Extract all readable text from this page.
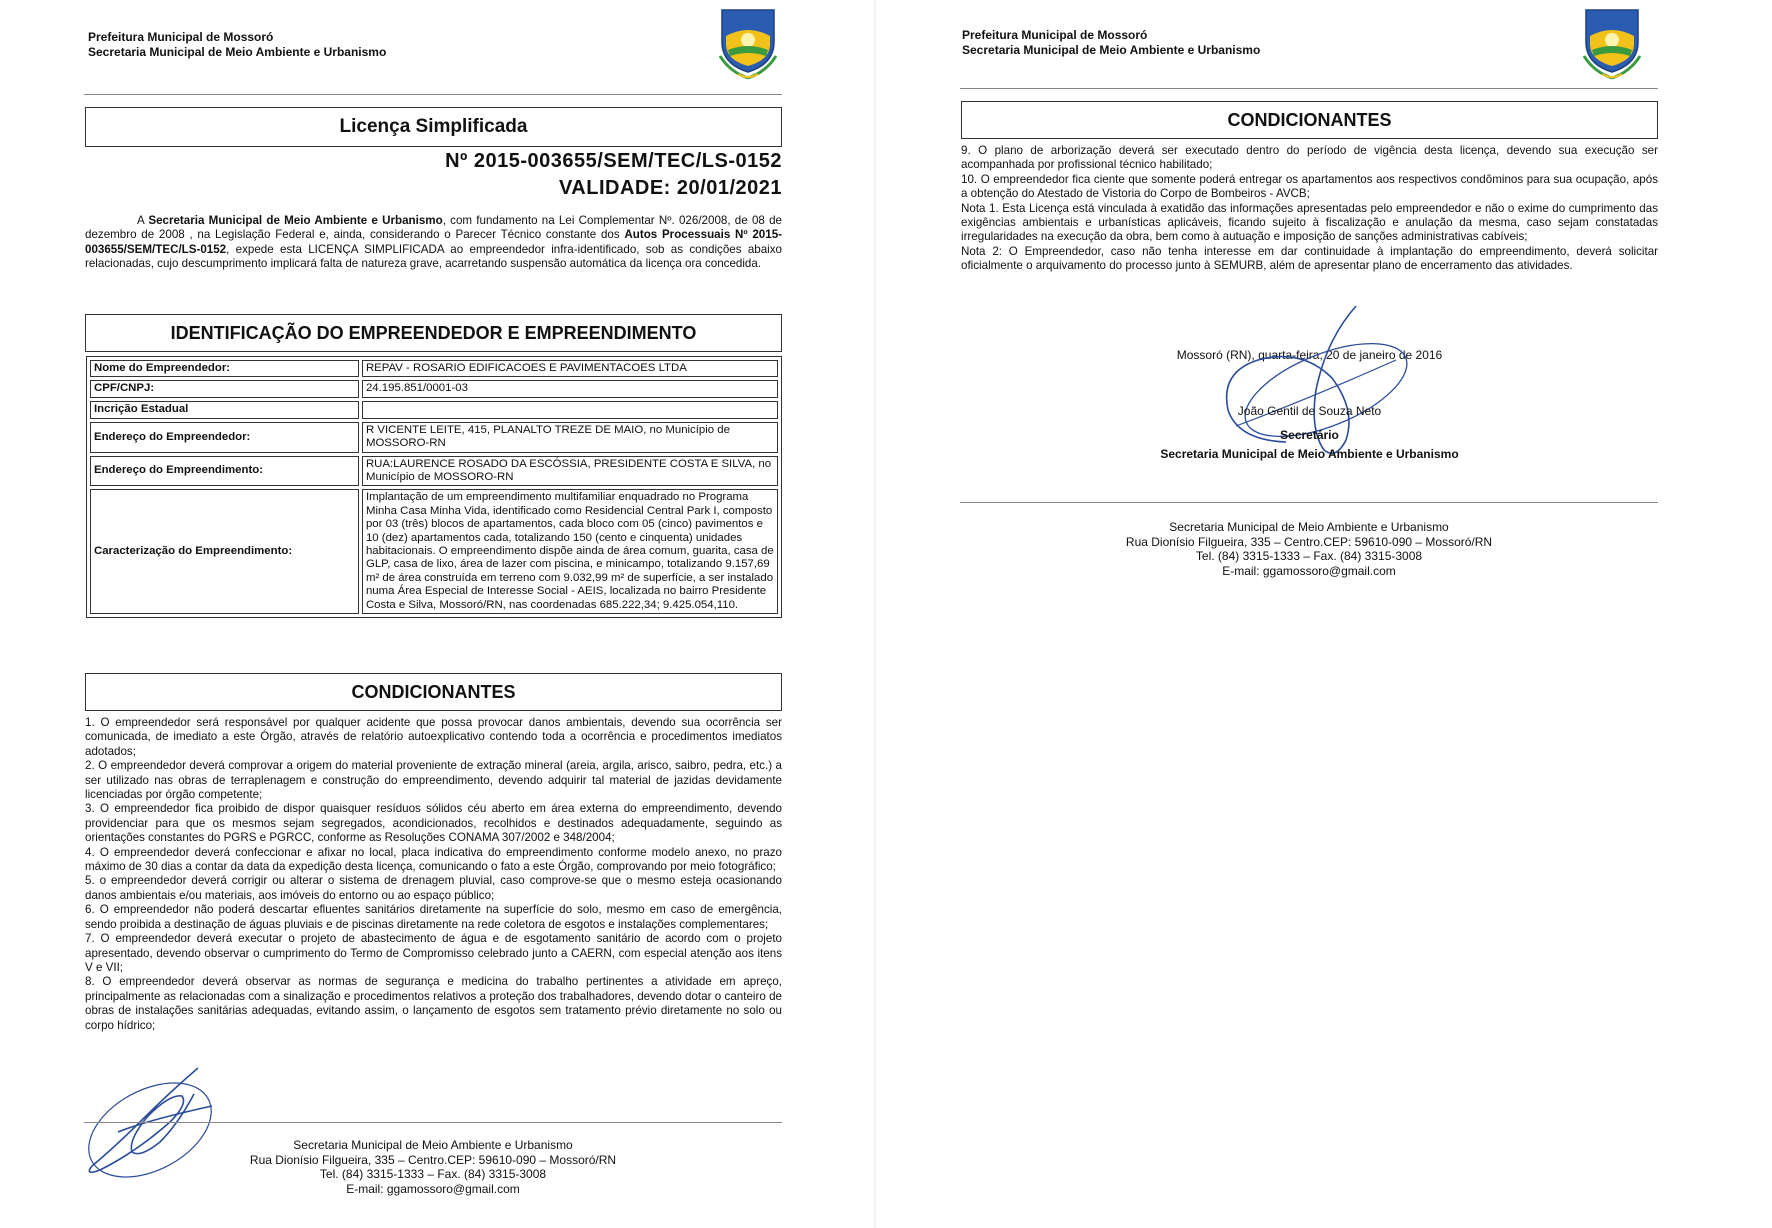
Prefeitura Municipal de Mossoró
Secretaria Municipal de Meio Ambiente e Urbanismo
Licença Simplificada
Nº 2015-003655/SEM/TEC/LS-0152
VALIDADE: 20/01/2021
A Secretaria Municipal de Meio Ambiente e Urbanismo, com fundamento na Lei Complementar Nº. 026/2008, de 08 de dezembro de 2008 , na Legislação Federal e, ainda, considerando o Parecer Técnico constante dos Autos Processuais Nº 2015-003655/SEM/TEC/LS-0152, expede esta LICENÇA SIMPLIFICADA ao empreendedor infra-identificado, sob as condições abaixo relacionadas, cujo descumprimento implicará falta de natureza grave, acarretando suspensão automática da licença ora concedida.
IDENTIFICAÇÃO DO EMPREENDEDOR E EMPREENDIMENTO
Nome do Empreendedor:	REPAV - ROSARIO EDIFICACOES E PAVIMENTACOES LTDA
CPF/CNPJ:	24.195.851/0001-03
Incrição Estadual	
Endereço do Empreendedor:	R VICENTE LEITE, 415, PLANALTO TREZE DE MAIO, no Município de MOSSORO-RN
Endereço do Empreendimento:	RUA:LAURENCE ROSADO DA ESCÓSSIA, PRESIDENTE COSTA E SILVA, no Município de MOSSORO-RN
Caracterização do Empreendimento:	Implantação de um empreendimento multifamiliar enquadrado no Programa Minha Casa Minha Vida, identificado como Residencial Central Park I, composto por 03 (três) blocos de apartamentos, cada bloco com 05 (cinco) pavimentos e 10 (dez) apartamentos cada, totalizando 150 (cento e cinquenta) unidades habitacionais. O empreendimento dispõe ainda de área comum, guarita, casa de GLP, casa de lixo, área de lazer com piscina, e minicampo, totalizando 9.157,69 m² de área construída em terreno com 9.032,99 m² de superfície, a ser instalado numa Área Especial de Interesse Social - AEIS, localizada no bairro Presidente Costa e Silva, Mossoró/RN, nas coordenadas 685.222,34; 9.425.054,110.
CONDICIONANTES

1. O empreendedor será responsável por qualquer acidente que possa provocar danos ambientais, devendo sua ocorrência ser comunicada, de imediato a este Órgão, através de relatório autoexplicativo contendo toda a ocorrência e procedimentos imediatos adotados;

2. O empreendedor deverá comprovar a origem do material proveniente de extração mineral (areia, argila, arisco, saibro, pedra, etc.) a ser utilizado nas obras de terraplenagem e construção do empreendimento, devendo adquirir tal material de jazidas devidamente licenciadas por órgão competente;

3. O empreendedor fica proibido de dispor quaisquer resíduos sólidos céu aberto em área externa do empreendimento, devendo providenciar para que os mesmos sejam segregados, acondicionados, recolhidos e destinados adequadamente, seguindo as orientações constantes do PGRS e PGRCC, conforme as Resoluções CONAMA 307/2002 e 348/2004;

4. O empreendedor deverá confeccionar e afixar no local, placa indicativa do empreendimento conforme modelo anexo, no prazo máximo de 30 dias a contar da data da expedição desta licença, comunicando o fato a este Órgão, comprovando por meio fotográfico;

5. o empreendedor deverá corrigir ou alterar o sistema de drenagem pluvial, caso comprove-se que o mesmo esteja ocasionando danos ambientais e/ou materiais, aos imóveis do entorno ou ao espaço público;

6. O empreendedor não poderá descartar efluentes sanitários diretamente na superfície do solo, mesmo em caso de emergência, sendo proibida a destinação de águas pluviais e de piscinas diretamente na rede coletora de esgotos e instalações complementares;

7. O empreendedor deverá executar o projeto de abastecimento de água e de esgotamento sanitário de acordo com o projeto apresentado, devendo observar o cumprimento do Termo de Compromisso celebrado junto a CAERN, com especial atenção aos itens V e VII;

8. O empreendedor deverá observar as normas de segurança e medicina do trabalho pertinentes a atividade em apreço, principalmente as relacionadas com a sinalização e procedimentos relativos a proteção dos trabalhadores, devendo dotar o canteiro de obras de instalações sanitárias adequadas, evitando assim, o lançamento de esgotos sem tratamento prévio diretamente no solo ou corpo hídrico;

Secretaria Municipal de Meio Ambiente e Urbanismo
Rua Dionísio Filgueira, 335 – Centro.CEP: 59610-090 – Mossoró/RN
Tel. (84) 3315-1333 – Fax. (84) 3315-3008
E-mail: ggamossoro@gmail.com
Prefeitura Municipal de Mossoró
Secretaria Municipal de Meio Ambiente e Urbanismo
CONDICIONANTES

9. O plano de arborização deverá ser executado dentro do período de vigência desta licença, devendo sua execução ser acompanhada por profissional técnico habilitado;

10. O empreendedor fica ciente que somente poderá entregar os apartamentos aos respectivos condôminos para sua ocupação, após a obtenção do Atestado de Vistoria do Corpo de Bombeiros - AVCB;

Nota 1. Esta Licença está vinculada à exatidão das informações apresentadas pelo empreendedor e não o exime do cumprimento das exigências ambientais e urbanísticas aplicáveis, ficando sujeito à fiscalização e anulação da mesma, caso sejam constatadas irregularidades na execução da obra, bem como à autuação e imposição de sanções administrativas cabíveis;

Nota 2: O Empreendedor, caso não tenha interesse em dar continuidade à implantação do empreendimento, deverá solicitar oficialmente o arquivamento do processo junto à SEMURB, além de apresentar plano de encerramento das atividades.

Mossoró (RN), quarta-feira, 20 de janeiro de 2016
João Gentil de Souza Neto
Secretário
Secretaria Municipal de Meio Ambiente e Urbanismo
Secretaria Municipal de Meio Ambiente e Urbanismo
Rua Dionísio Filgueira, 335 – Centro.CEP: 59610-090 – Mossoró/RN
Tel. (84) 3315-1333 – Fax. (84) 3315-3008
E-mail: ggamossoro@gmail.com
